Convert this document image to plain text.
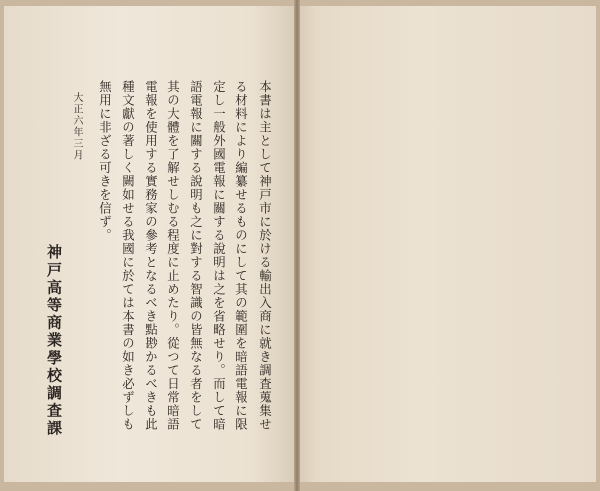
本書は主として神戸市に於ける輸出入商に就き調査蒐集せ
る材料により編纂せるものにして其の範圍を暗語電報に限
定し一般外國電報に關する說明は之を省略せり。而して暗
語電報に關する說明も之に對する智識の皆無なる者をして
其の大體を了解せしむる程度に止めたり。從つて日常暗語
電報を使用する實務家の參考となるべき點尠かるべきも此
種文獻の著しく闕如せる我國に於ては本書の如き必ずしも
無用に非ざる可きを信ず。
大正六年三月
神戸高等商業學校調査課
